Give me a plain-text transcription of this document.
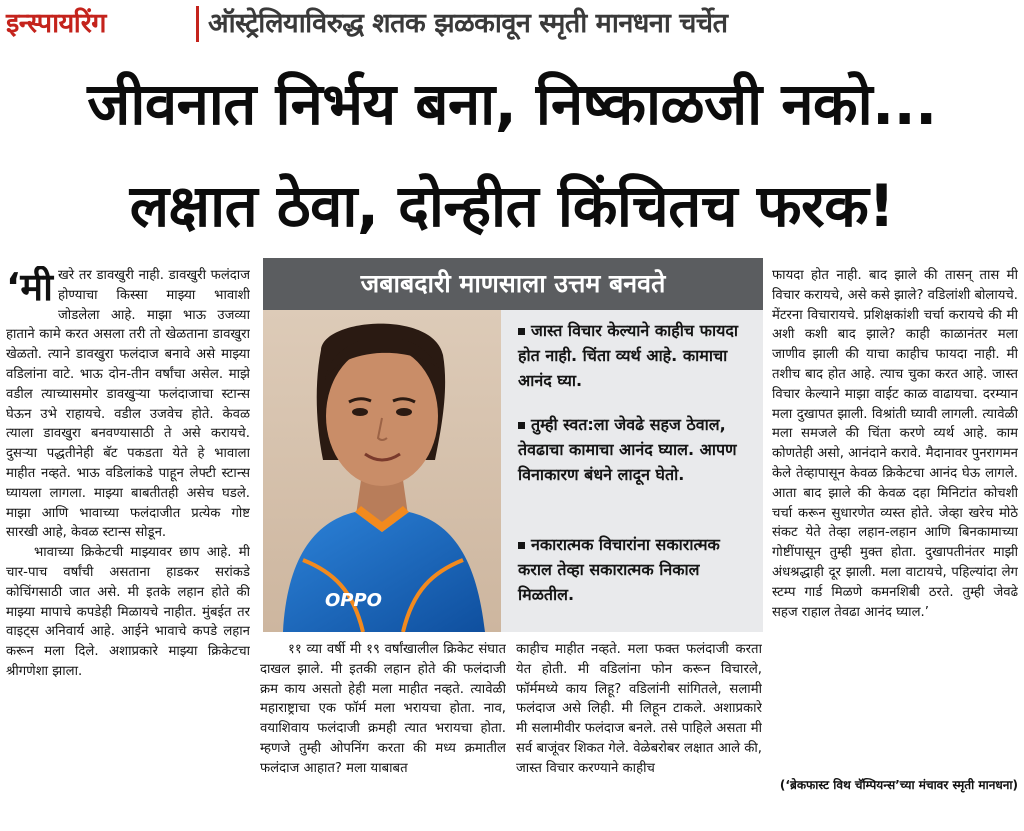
इन्स्पायरिंग	ऑस्ट्रेलियाविरुद्ध शतक झळकावून स्मृती मानधना चर्चेत
जीवनात निर्भय बना, निष्काळजी नको...
लक्षात ठेवा, दोन्हीत किंचितच फरक!
‘मी खरे तर डावखुरी नाही. डावखुरी फलंदाज होण्याचा किस्सा माझ्या भावाशी जोडलेला आहे. माझा भाऊ उजव्या हाताने कामे करत असला तरी तो खेळताना डावखुरा खेळतो. त्याने डावखुरा फलंदाज बनावे असे माझ्या वडिलांना वाटे. भाऊ दोन-तीन वर्षांचा असेल. माझे वडील त्याच्यासमोर डावखुऱ्या फलंदाजाचा स्टान्स घेऊन उभे राहायचे. वडील उजवेच होते. केवळ त्याला डावखुरा बनवण्यासाठी ते असे करायचे. दुसऱ्या पद्धतीनेही बॅट पकडता येते हे भावाला माहीत नव्हते. भाऊ वडिलांकडे पाहून लेफ्टी स्टान्स घ्यायला लागला. माझ्या बाबतीतही असेच घडले. माझा आणि भावाच्या फलंदाजीत प्रत्येक गोष्ट सारखी आहे, केवळ स्टान्स सोडून.

भावाच्या क्रिकेटची माझ्यावर छाप आहे. मी चार-पाच वर्षांची असताना हाडकर सरांकडे कोचिंगसाठी जात असे. मी इतके लहान होते की माझ्या मापाचे कपडेही मिळायचे नाहीत. मुंबईत तर वाइट्स अनिवार्य आहे. आईने भावाचे कपडे लहान करून मला दिले. अशाप्रकारे माझ्या क्रिकेटचा श्रीगणेशा झाला.

जबाबदारी माणसाला उत्तम बनवते
OPPO
जास्त विचार केल्याने काहीच फायदा होत नाही. चिंता व्यर्थ आहे. कामाचा आनंद घ्या.
तुम्ही स्वत:ला जेवढे सहज ठेवाल, तेवढाचा कामाचा आनंद घ्याल. आपण विनाकारण बंधने लादून घेतो.
नकारात्मक विचारांना सकारात्मक कराल तेव्हा सकारात्मक निकाल मिळतील.

११ व्या वर्षी मी १९ वर्षांखालील क्रिकेट संघात दाखल झाले. मी इतकी लहान होते की फलंदाजी क्रम काय असतो हेही मला माहीत नव्हते. त्यावेळी महाराष्ट्राचा एक फॉर्म मला भरायचा होता. नाव, वयाशिवाय फलंदाजी क्रमही त्यात भरायचा होता. म्हणजे तुम्ही ओपनिंग करता की मध्य क्रमातील फलंदाज आहात? मला याबाबत

काहीच माहीत नव्हते. मला फक्त फलंदाजी करता येत होती. मी वडिलांना फोन करून विचारले, फॉर्ममध्ये काय लिहू? वडिलांनी सांगितले, सलामी फलंदाज असे लिही. मी लिहून टाकले. अशाप्रकारे मी सलामीवीर फलंदाज बनले. तसे पाहिले असता मी सर्व बाजूंवर शिकत गेले. वेळेबरोबर लक्षात आले की, जास्त विचार करण्याने काहीच

फायदा होत नाही. बाद झाले की तासन् तास मी विचार करायचे, असे कसे झाले? वडिलांशी बोलायचे. मेंटरना विचारायचे. प्रशिक्षकांशी चर्चा करायचे की मी अशी कशी बाद झाले? काही काळानंतर मला जाणीव झाली की याचा काहीच फायदा नाही. मी तशीच बाद होत आहे. त्याच चुका करत आहे. जास्त विचार केल्याने माझा वाईट काळ वाढायचा. दरम्यान मला दुखापत झाली. विश्रांती घ्यावी लागली. त्यावेळी मला समजले की चिंता करणे व्यर्थ आहे. काम कोणतेही असो, आनंदाने करावे. मैदानावर पुनरागमन केले तेव्हापासून केवळ क्रिकेटचा आनंद घेऊ लागले. आता बाद झाले की केवळ दहा मिनिटांत कोचशी चर्चा करून सुधारणेत व्यस्त होते. जेव्हा खरेच मोठे संकट येते तेव्हा लहान-लहान आणि बिनकामाच्या गोष्टींपासून तुम्ही मुक्त होता. दुखापतीनंतर माझी अंधश्रद्धाही दूर झाली. मला वाटायचे, पहिल्यांदा लेग स्टम्प गार्ड मिळणे कमनशिबी ठरते. तुम्ही जेवढे सहज राहाल तेवढा आनंद घ्याल.’

(‘ब्रेकफास्ट विथ चॅम्पियन्स’च्या मंचावर स्मृती मानधना)
